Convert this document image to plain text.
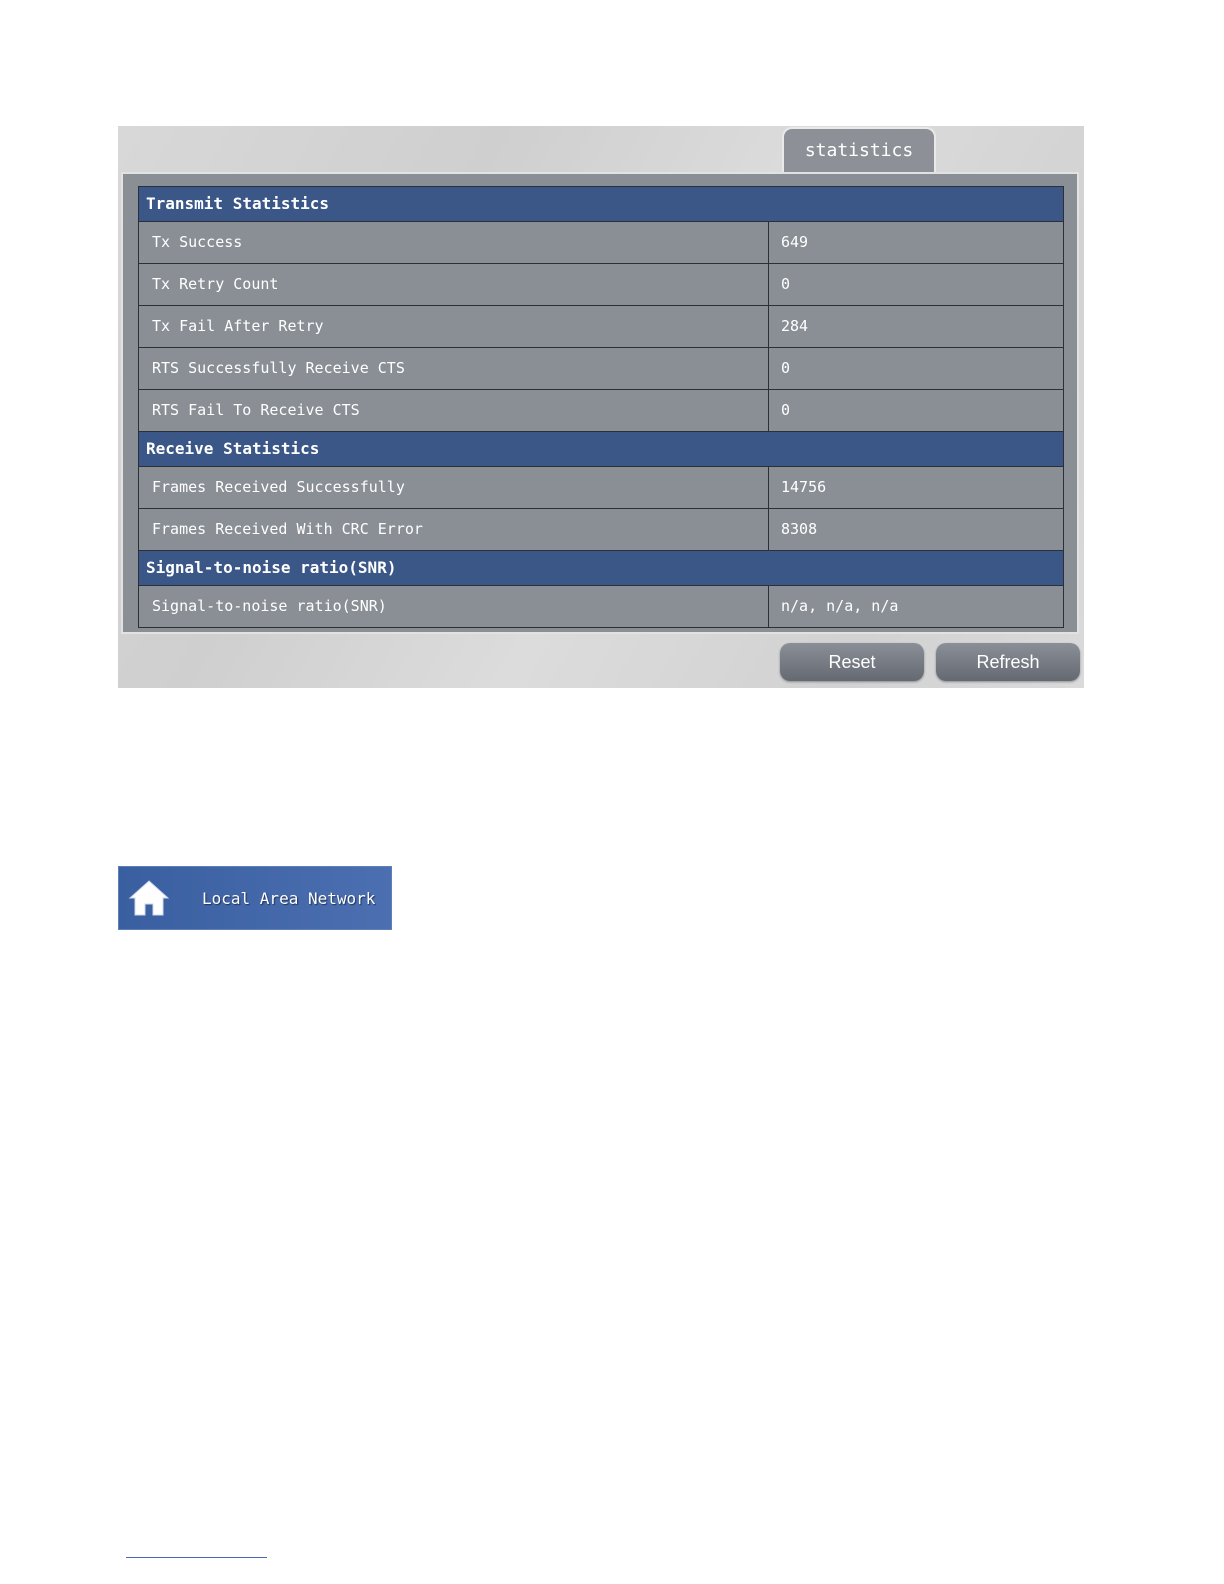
statistics
Transmit Statistics
Tx Success	649
Tx Retry Count	0
Tx Fail After Retry	284
RTS Successfully Receive CTS	0
RTS Fail To Receive CTS	0
Receive Statistics
Frames Received Successfully	14756
Frames Received With CRC Error	8308
Signal-to-noise ratio(SNR)
Signal-to-noise ratio(SNR)	n/a, n/a, n/a
Reset	Refresh
Local Area Network
